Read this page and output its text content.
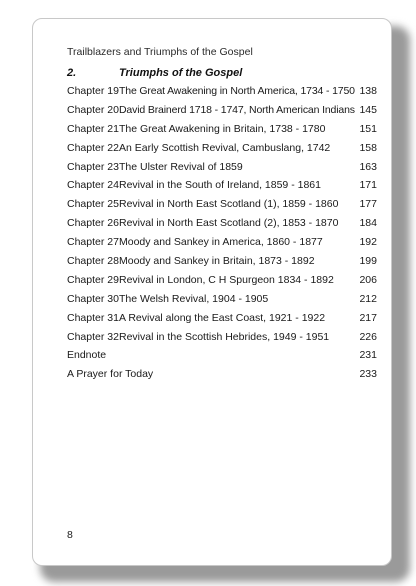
Trailblazers and Triumphs of the Gospel
2.	Triumphs of the Gospel
Chapter 19 The Great Awakening in North America, 1734 - 1750 138
Chapter 20 David Brainerd 1718 - 1747, North American Indians 145
Chapter 21 The Great Awakening in Britain, 1738 - 1780	151
Chapter 22 An Early Scottish Revival, Cambuslang, 1742	158
Chapter 23 The Ulster Revival of 1859	163
Chapter 24 Revival in the South of Ireland, 1859 - 1861	171
Chapter 25 Revival in North East Scotland (1), 1859 - 1860 177
Chapter 26 Revival in North East Scotland (2), 1853 - 1870 184
Chapter 27 Moody and Sankey in America, 1860 - 1877	192
Chapter 28 Moody and Sankey in Britain, 1873 - 1892	199
Chapter 29 Revival in London, C H Spurgeon 1834 - 1892 206
Chapter 30 The Welsh Revival, 1904 - 1905	212
Chapter 31 A Revival along the East Coast, 1921 - 1922	217
Chapter 32 Revival in the Scottish Hebrides, 1949 - 1951	226
Endnote	231
A Prayer for Today	233
8
